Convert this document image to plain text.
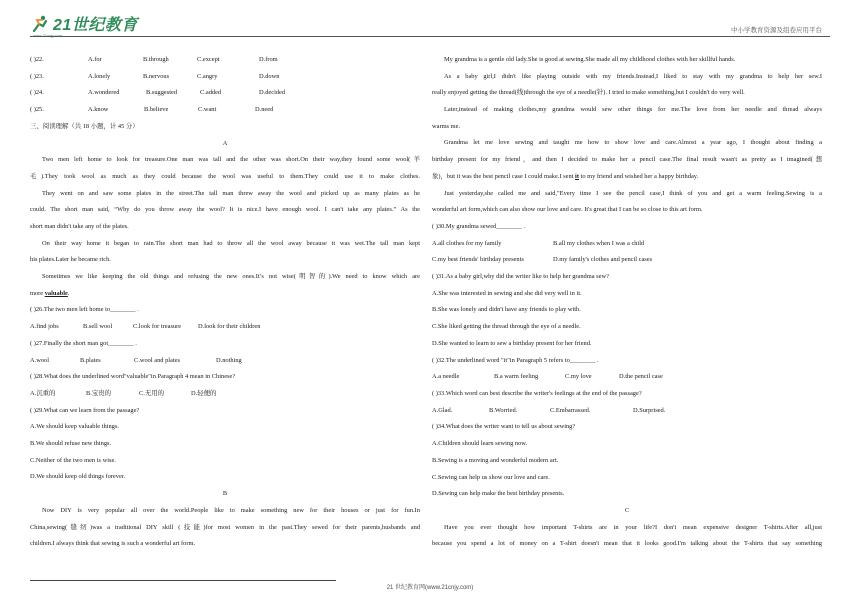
21世纪教育
www.21cnjy.com
中小学教育资源及组卷应用平台
( )22.	A.for	B.through	C.except	D.from
( )23.	A.lonely	B.nervous	C.angry	D.down
( )24.	A.wondered	B.suggested	C.added	D.decided
( )25.	A.know	B.believe	C.want	D.need
三、阅读理解（共 18 小题，计 45 分）
A
Two men left home to look for treasure.One man was tall and the other was short.On their way,they found some wool(羊
毛).They took wool as much as they could because the wool was useful to them.They could use it to make clothes.
They went on and saw some plates in the street.The tall man threw away the wool and picked up as many plates as he
could. The short man said, “Why do you throw away the wool? It is nice.I have enough wool. I can't take any plates.” As the
short man didn't take any of the plates.
On their way home it began to rain.The short man had to throw all the wool away because it was wet.The tall man kept
his plates.Later he became rich.
Sometimes we like keeping the old things and refusing the new ones.It’s not wise(明智的).We need to know which are
more valuable.
( )26.The two men left home to________ .
A.find jobs	B.sell wool	C.look for treasure	D.look for their children
( )27.Finally the short man got________ .
A.wool	B.plates	C.wool and plates	D.nothing
( )28.What does the underlined word"valuable"in Paragraph 4 mean in Chinese?
A.沉重的	B.宝贵的	C.无用的	D.轻便的
( )29.What can we learn from the passage?
A.We should keep valuable things.
B.We should refuse new things.
C.Neither of the two men is wise.
D.We should keep old things forever.
B
Now DIY is very popular all over the world.People like to make something new for their houses or just for fun.In
China,sewing(缝纫)was a traditional DIY skill (技能)for most women in the past.They sewed for their parents,husbands and
children.I always think that sewing is such a wonderful art form.
My grandma is a gentle old lady.She is good at sewing.She made all my childhood clothes with her skillful hands.
As a baby girl,I didn't like playing outside with my friends.Instead,I liked to stay with my grandma to help her sew.I
really enjoyed getting the thread(线)through the eye of a needle(针). I tried to make something,but I couldn't do very well.
Later,instead of making clothes,my grandma would sew other things for me.The love from her needle and thread always
warms me.
Grandma let me love sewing and taught me how to show love and care.Almost a year ago, I thought about finding a
birthday present for my friend，and then I decided to make her a pencil case.The final result wasn't as pretty as I imagined(想
象)，but it was the best pencil case I could make.I sent it to my friend and wished her a happy birthday.
Just yesterday,she called me and said,"Every time I see the pencil case,I think of you and get a warm feeling.Sewing is a
wonderful art form,which can also show our love and care. It's great that I can be so close to this art form.
( )30.My grandma sewed________ .
A.all clothes for my family	B.all my clothes when I was a child
C.my best friends' birthday presents	D.my family's clothes and pencil cases
( )31.As a baby girl,why did the writer like to help her grandma sew?
A.She was interested in sewing and she did very well in it.
B.She was lonely and didn't have any friends to play with.
C.She liked getting the thread through the eye of a needle.
D.She wanted to learn to sew a birthday present for her friend.
( )32.The underlined word "it"in Paragraph 5 refers to________ .
A.a needle	B.a warm feeling	C.my love	D.the pencil case
( )33.Which word can best describe the writer's feelings at the end of the passage?
A.Glad.	B.Worried.	C.Embarrassed.	D.Surprised.
( )34.What does the writer want to tell us about sewing?
A.Children should learn sewing now.
B.Sewing is a moving and wonderful modern art.
C.Sewing can help us show our love and care.
D.Sewing can help make the best birthday presents.
C
Have you ever thought how important T-shirts are in your life?I don't mean expensive designer T-shirts.After all,just
because you spend a lot of money on a T-shirt doesn't mean that it looks good.I'm talking about the T-shirts that say something
21 世纪教育网(www.21cnjy.com)
